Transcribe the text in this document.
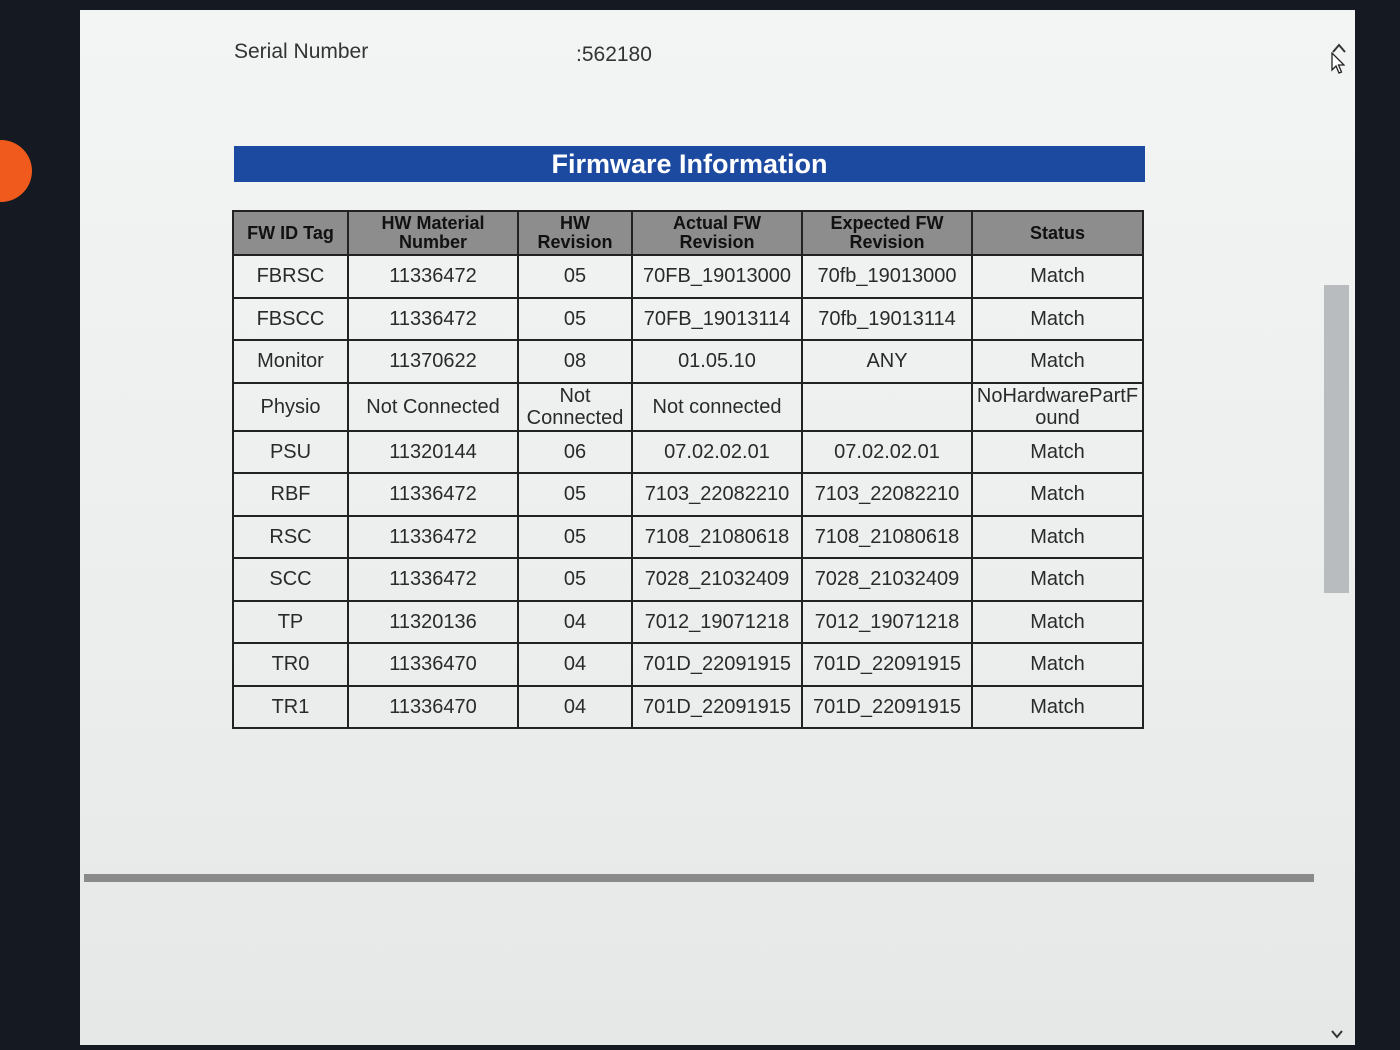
Serial Number	:562180
Firmware Information
FW ID Tag	HW Material Number	HW Revision	Actual FW Revision	Expected FW Revision	Status
FBRSC	11336472	05	70FB_19013000	70fb_19013000	Match
FBSCC	11336472	05	70FB_19013114	70fb_19013114	Match
Monitor	11370622	08	01.05.10	ANY	Match
Physio	Not Connected	Not Connected	Not connected		NoHardwarePartFound
PSU	11320144	06	07.02.02.01	07.02.02.01	Match
RBF	11336472	05	7103_22082210	7103_22082210	Match
RSC	11336472	05	7108_21080618	7108_21080618	Match
SCC	11336472	05	7028_21032409	7028_21032409	Match
TP	11320136	04	7012_19071218	7012_19071218	Match
TR0	11336470	04	701D_22091915	701D_22091915	Match
TR1	11336470	04	701D_22091915	701D_22091915	Match
